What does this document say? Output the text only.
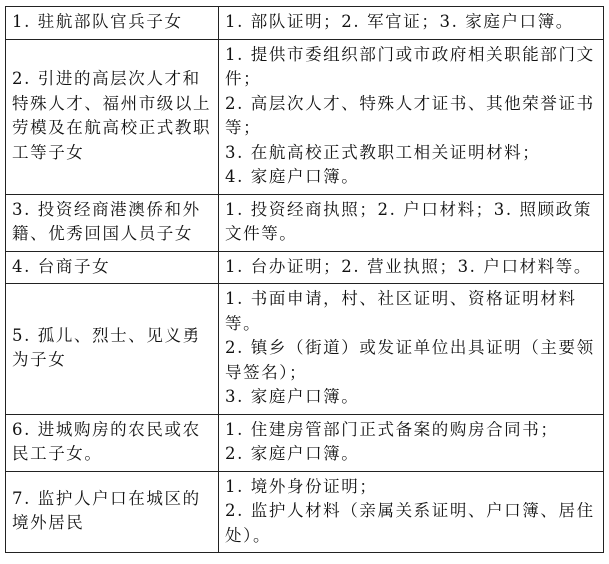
1. 驻航部队官兵子女	1. 部队证明；2. 军官证；3. 家庭户口簿。

2. 引进的高层次人才和特殊人才、福州市级以上劳模及在航高校正式教职工等子女	1. 提供市委组织部门或市政府相关职能部门文件；
2. 高层次人才、特殊人才证书、其他荣誉证书等；
3. 在航高校正式教职工相关证明材料；
4. 家庭户口簿。

3. 投资经商港澳侨和外籍、优秀回国人员子女	1. 投资经商执照；2. 户口材料；3. 照顾政策文件等。

4. 台商子女	1. 台办证明；2. 营业执照；3. 户口材料等。

5. 孤儿、烈士、见义勇为子女	1. 书面申请，村、社区证明、资格证明材料等。
2. 镇乡（街道）或发证单位出具证明（主要领导签名）；
3. 家庭户口簿。

6. 进城购房的农民或农民工子女。	1. 住建房管部门正式备案的购房合同书；
2. 家庭户口簿。

7. 监护人户口在城区的境外居民	1. 境外身份证明；
2. 监护人材料（亲属关系证明、户口簿、居住处）。
